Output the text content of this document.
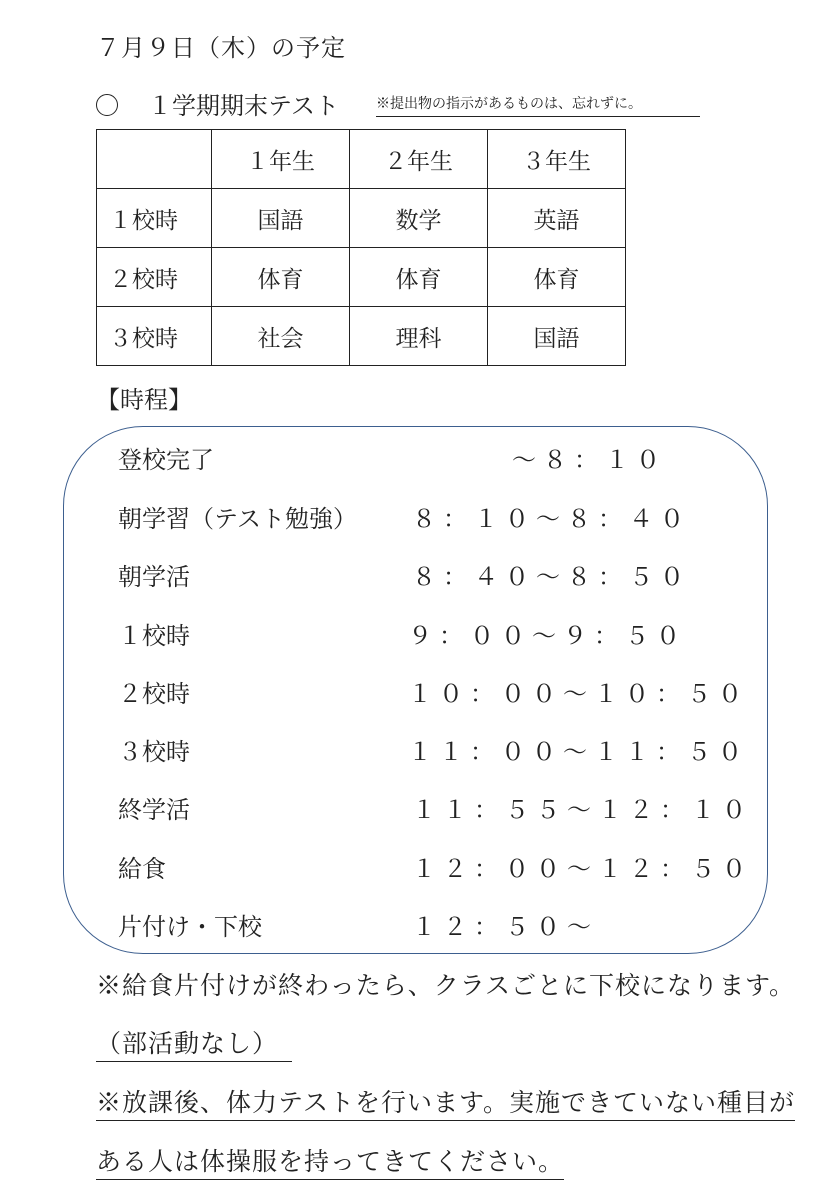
７月９日（木）の予定
１学期期末テスト	※提出物の指示があるものは、忘れずに。
	１年生	２年生	３年生
１校時	国語	数学	英語
２校時	体育	体育	体育
３校時	社会	理科	国語
【時程】
登校完了	～８：１０
朝学習（テスト勉強） ８：１０～８：４０
朝学活	８：４０～８：５０
１校時	９：００～９：５０
２校時	１０：００～１０：５０
３校時	１１：００～１１：５０
終学活	１１：５５～１２：１０
給食	１２：００～１２：５０
片付け・下校	１２：５０～
※給食片付けが終わったら、クラスごとに下校になります。
（部活動なし）　
※放課後、体力テストを行います。実施できていない種目が
ある人は体操服を持ってきてください。
